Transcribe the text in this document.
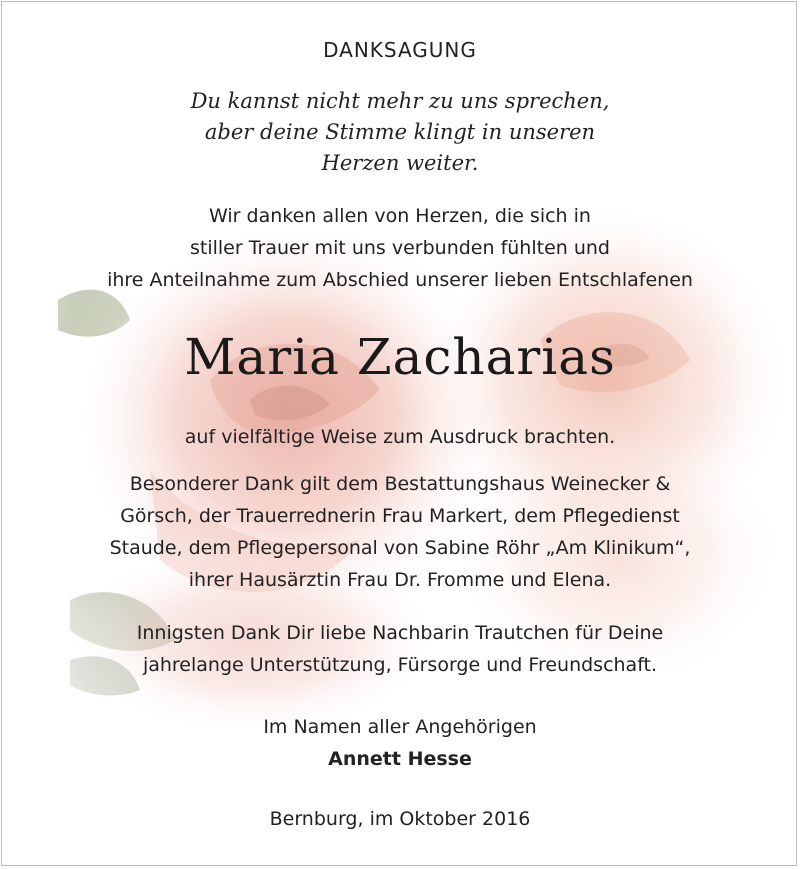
DANKSAGUNG
Du kannst nicht mehr zu uns sprechen,
aber deine Stimme klingt in unseren
Herzen weiter.
Wir danken allen von Herzen, die sich in
stiller Trauer mit uns verbunden fühlten und
ihre Anteilnahme zum Abschied unserer lieben Entschlafenen
Maria Zacharias
auf vielfältige Weise zum Ausdruck brachten.
Besonderer Dank gilt dem Bestattungshaus Weinecker &
Görsch, der Trauerrednerin Frau Markert, dem Pflegedienst
Staude, dem Pflegepersonal von Sabine Röhr „Am Klinikum“,
ihrer Hausärztin Frau Dr. Fromme und Elena.
Innigsten Dank Dir liebe Nachbarin Trautchen für Deine
jahrelange Unterstützung, Fürsorge und Freundschaft.
Im Namen aller Angehörigen
Annett Hesse
Bernburg, im Oktober 2016
